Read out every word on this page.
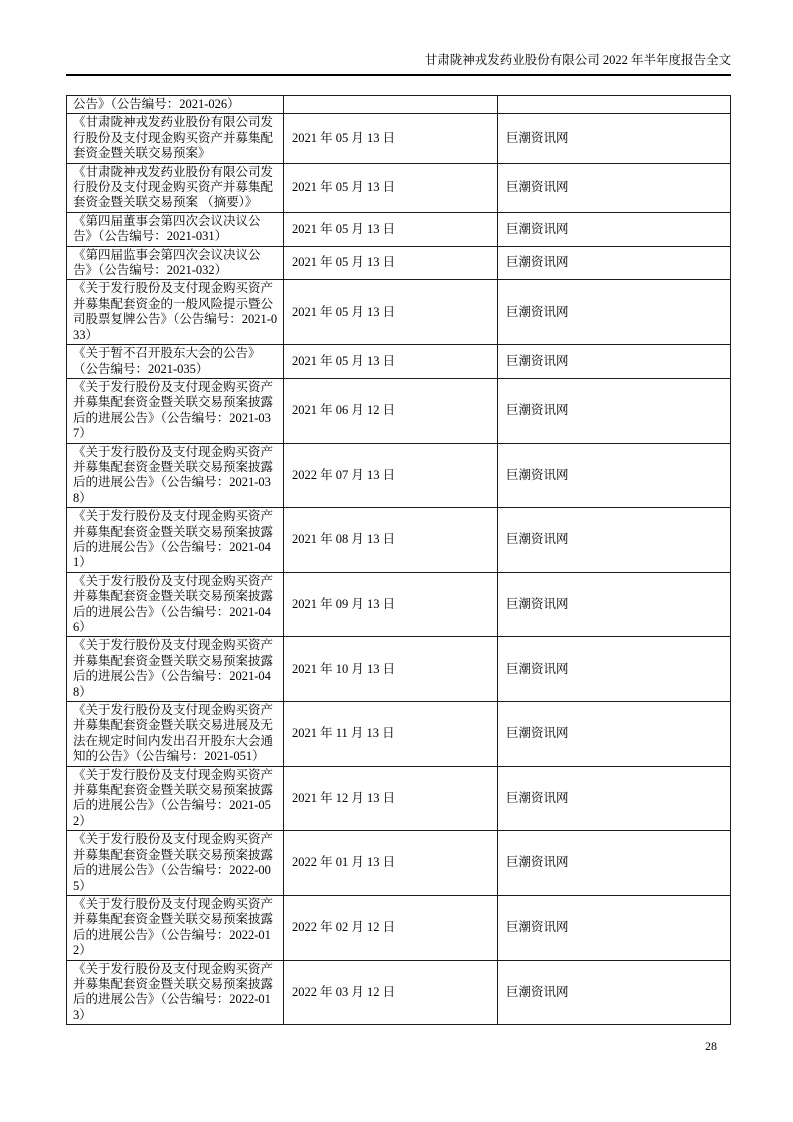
甘肃陇神戎发药业股份有限公司 2022 年半年度报告全文
公告》（公告编号：2021-026）		
《甘肃陇神戎发药业股份有限公司发行股份及支付现金购买资产并募集配套资金暨关联交易预案》	2021 年 05 月 13 日	巨潮资讯网
《甘肃陇神戎发药业股份有限公司发行股份及支付现金购买资产并募集配套资金暨关联交易预案 （摘要）》	2021 年 05 月 13 日	巨潮资讯网
《第四届董事会第四次会议决议公告》（公告编号：2021-031）	2021 年 05 月 13 日	巨潮资讯网
《第四届监事会第四次会议决议公告》（公告编号：2021-032）	2021 年 05 月 13 日	巨潮资讯网
《关于发行股份及支付现金购买资产并募集配套资金的一般风险提示暨公司股票复牌公告》（公告编号：2021-033）	2021 年 05 月 13 日	巨潮资讯网
《关于暂不召开股东大会的公告》（公告编号：2021-035）	2021 年 05 月 13 日	巨潮资讯网
《关于发行股份及支付现金购买资产并募集配套资金暨关联交易预案披露后的进展公告》（公告编号：2021-037）	2021 年 06 月 12 日	巨潮资讯网
《关于发行股份及支付现金购买资产并募集配套资金暨关联交易预案披露后的进展公告》（公告编号：2021-038）	2022 年 07 月 13 日	巨潮资讯网
《关于发行股份及支付现金购买资产并募集配套资金暨关联交易预案披露后的进展公告》（公告编号：2021-041）	2021 年 08 月 13 日	巨潮资讯网
《关于发行股份及支付现金购买资产并募集配套资金暨关联交易预案披露后的进展公告》（公告编号：2021-046）	2021 年 09 月 13 日	巨潮资讯网
《关于发行股份及支付现金购买资产并募集配套资金暨关联交易预案披露后的进展公告》（公告编号：2021-048）	2021 年 10 月 13 日	巨潮资讯网
《关于发行股份及支付现金购买资产并募集配套资金暨关联交易进展及无法在规定时间内发出召开股东大会通知的公告》（公告编号：2021-051）	2021 年 11 月 13 日	巨潮资讯网
《关于发行股份及支付现金购买资产并募集配套资金暨关联交易预案披露后的进展公告》（公告编号：2021-052）	2021 年 12 月 13 日	巨潮资讯网
《关于发行股份及支付现金购买资产并募集配套资金暨关联交易预案披露后的进展公告》（公告编号：2022-005）	2022 年 01 月 13 日	巨潮资讯网
《关于发行股份及支付现金购买资产并募集配套资金暨关联交易预案披露后的进展公告》（公告编号：2022-012）	2022 年 02 月 12 日	巨潮资讯网
《关于发行股份及支付现金购买资产并募集配套资金暨关联交易预案披露后的进展公告》（公告编号：2022-013）	2022 年 03 月 12 日	巨潮资讯网
28
